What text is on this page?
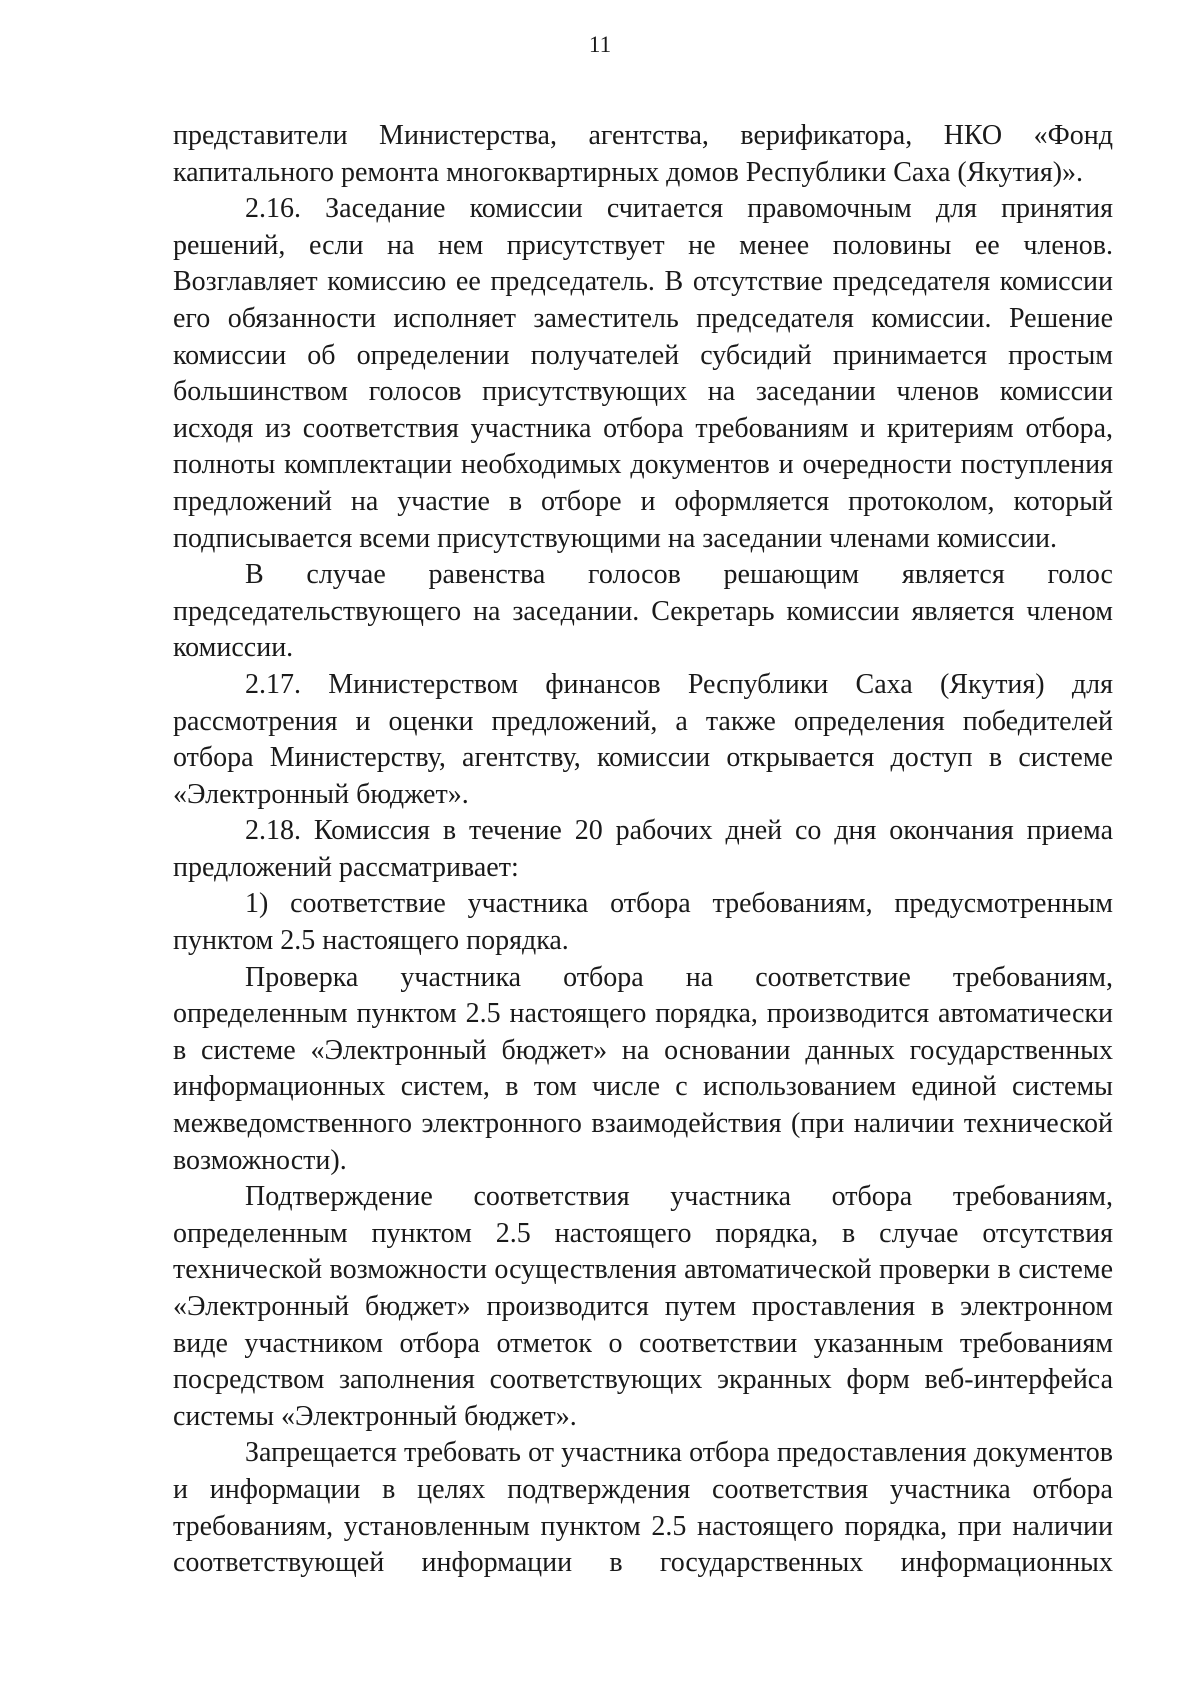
11

представители Министерства, агентства, верификатора, НКО «Фонд капитального ремонта многоквартирных домов Республики Саха (Якутия)».

2.16. Заседание комиссии считается правомочным для принятия решений, если на нем присутствует не менее половины ее членов. Возглавляет комиссию ее председатель. В отсутствие председателя комиссии его обязанности исполняет заместитель председателя комиссии. Решение комиссии об определении получателей субсидий принимается простым большинством голосов присутствующих на заседании членов комиссии исходя из соответствия участника отбора требованиям и критериям отбора, полноты комплектации необходимых документов и очередности поступления предложений на участие в отборе и оформляется протоколом, который подписывается всеми присутствующими на заседании членами комиссии.

В случае равенства голосов решающим является голос председательствующего на заседании. Секретарь комиссии является членом комиссии.

2.17. Министерством финансов Республики Саха (Якутия) для рассмотрения и оценки предложений, а также определения победителей отбора Министерству, агентству, комиссии открывается доступ в системе «Электронный бюджет».

2.18. Комиссия в течение 20 рабочих дней со дня окончания приема предложений рассматривает:

1) соответствие участника отбора требованиям, предусмотренным пунктом 2.5 настоящего порядка.

Проверка участника отбора на соответствие требованиям, определенным пунктом 2.5 настоящего порядка, производится автоматически в системе «Электронный бюджет» на основании данных государственных информационных систем, в том числе с использованием единой системы межведомственного электронного взаимодействия (при наличии технической возможности).

Подтверждение соответствия участника отбора требованиям, определенным пунктом 2.5 настоящего порядка, в случае отсутствия технической возможности осуществления автоматической проверки в системе «Электронный бюджет» производится путем проставления в электронном виде участником отбора отметок о соответствии указанным требованиям посредством заполнения соответствующих экранных форм веб-интерфейса системы «Электронный бюджет».

Запрещается требовать от участника отбора предоставления документов и информации в целях подтверждения соответствия участника отбора требованиям, установленным пунктом 2.5 настоящего порядка, при наличии соответствующей информации в государственных информационных
